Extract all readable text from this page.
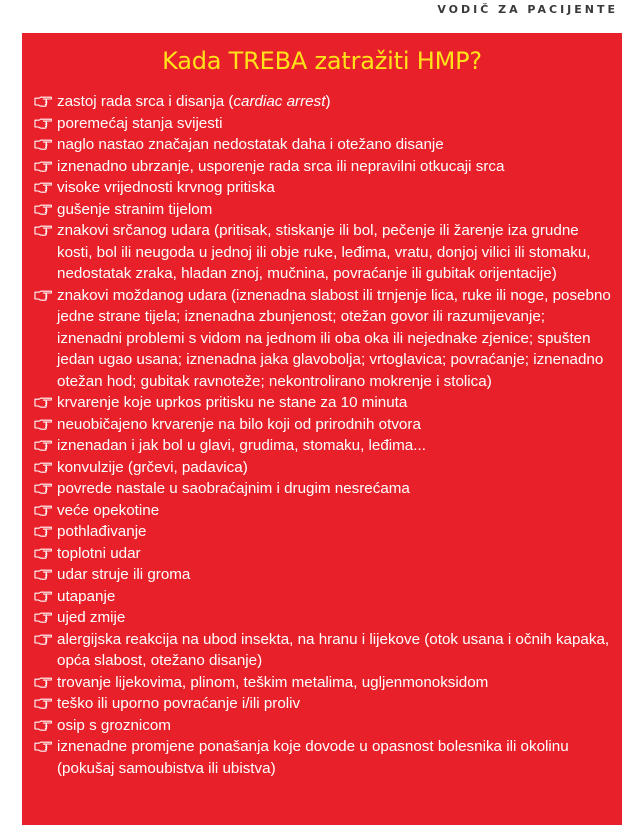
VODIČ ZA PACIJENTE
Kada TREBA zatražiti HMP?
zastoj rada srca i disanja (cardiac arrest)
poremećaj stanja svijesti
naglo nastao značajan nedostatak daha i otežano disanje
iznenadno ubrzanje, usporenje rada srca ili nepravilni otkucaji srca
visoke vrijednosti krvnog pritiska
gušenje stranim tijelom
znakovi srčanog udara (pritisak, stiskanje ili bol, pečenje ili žarenje iza grudne kosti, bol ili neugoda u jednoj ili obje ruke, leđima, vratu, donjoj vilici ili stomaku, nedostatak zraka, hladan znoj, mučnina, povraćanje ili gubitak orijentacije)
znakovi moždanog udara (iznenadna slabost ili trnjenje lica, ruke ili noge, posebno jedne strane tijela; iznenadna zbunjenost; otežan govor ili razumijevanje; iznenadni problemi s vidom na jednom ili oba oka ili nejednake zjenice; spušten jedan ugao usana; iznenadna jaka glavobolja; vrtoglavica; povraćanje; iznenadno otežan hod; gubitak ravnoteže; nekontrolirano mokrenje i stolica)
krvarenje koje uprkos pritisku ne stane za 10 minuta
neuobičajeno krvarenje na bilo koji od prirodnih otvora
iznenadan i jak bol u glavi, grudima, stomaku, leđima...
konvulzije (grčevi, padavica)
povrede nastale u saobraćajnim i drugim nesrećama
veće opekotine
pothlađivanje
toplotni udar
udar struje ili groma
utapanje
ujed zmije
alergijska reakcija na ubod insekta, na hranu i lijekove (otok usana i očnih kapaka, opća slabost, otežano disanje)
trovanje lijekovima, plinom, teškim metalima, ugljenmonoksidom
teško ili uporno povraćanje i/ili proliv
osip s groznicom
iznenadne promjene ponašanja koje dovode u opasnost bolesnika ili okolinu (pokušaj samoubistva ili ubistva)
